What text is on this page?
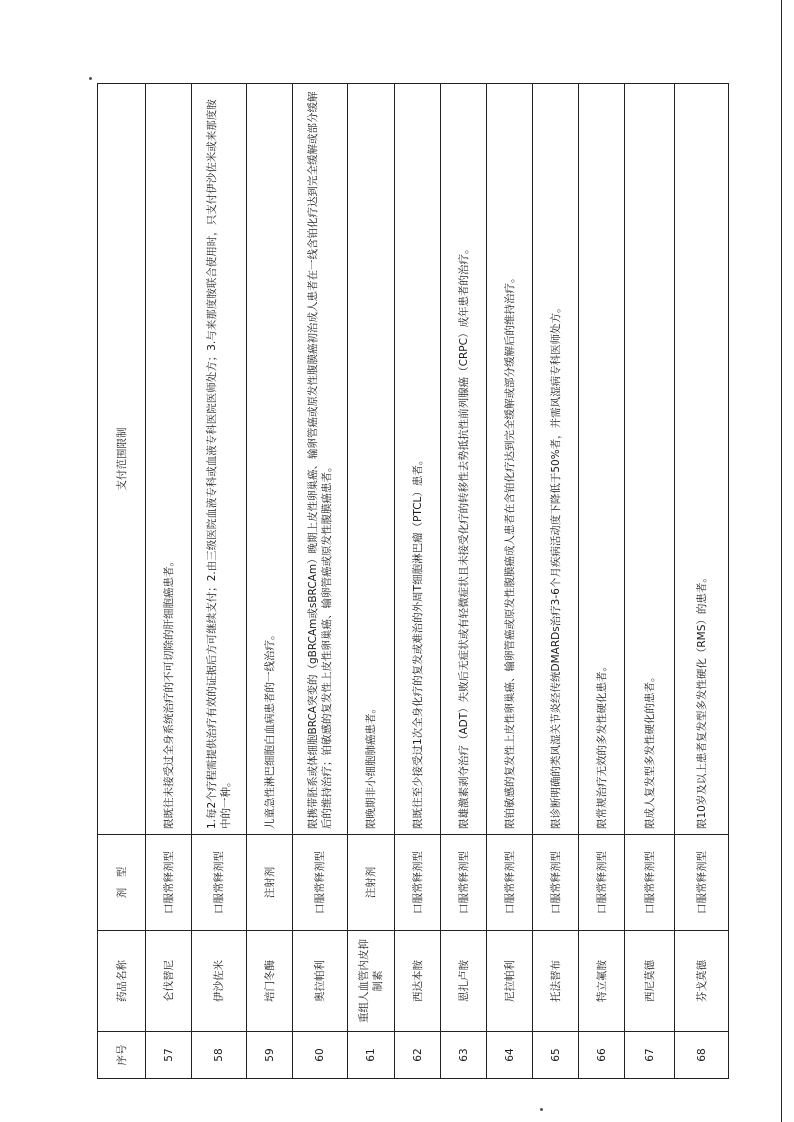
序号	药品名称	剂　型	支付范围限制
57	仑伐替尼	口服常释剂型	限既往未接受过全身系统治疗的不可切除的肝细胞癌患者。
58	伊沙佐米	口服常释剂型	1.每2个疗程需提供治疗有效的证据后方可继续支付；2.由三级医院血液专科或血液专科医院医师处方；3.与来那度胺联合使用时，只支付伊沙佐米或来那度胺中的一种。
59	培门冬酶	注射剂	儿童急性淋巴细胞白血病患者的一线治疗。
60	奥拉帕利	口服常释剂型	限携带胚系或体细胞BRCA突变的（gBRCAm或sBRCAm）晚期上皮性卵巢癌、输卵管癌或原发性腹膜癌初治成人患者在一线含铂化疗达到完全缓解或部分缓解后的维持治疗；铂敏感的复发性上皮性卵巢癌、输卵管癌或原发性腹膜癌患者。
61	重组人血管内皮抑制素	注射剂	限晚期非小细胞肺癌患者。
62	西达本胺	口服常释剂型	限既往至少接受过1次全身化疗的复发或难治的外周T细胞淋巴瘤（PTCL）患者。
63	恩扎卢胺	口服常释剂型	限雄激素剥夺治疗（ADT）失败后无症状或有轻微症状且未接受化疗的转移性去势抵抗性前列腺癌（CRPC）成年患者的治疗。
64	尼拉帕利	口服常释剂型	限铂敏感的复发性上皮性卵巢癌、输卵管癌或原发性腹膜癌成人患者在含铂化疗达到完全缓解或部分缓解后的维持治疗。
65	托法替布	口服常释剂型	限诊断明确的类风湿关节炎经传统DMARDs治疗3-6个月疾病活动度下降低于50%者，并需风湿病专科医师处方。
66	特立氟胺	口服常释剂型	限常规治疗无效的多发性硬化患者。
67	西尼莫德	口服常释剂型	限成人复发型多发性硬化的患者。
68	芬戈莫德	口服常释剂型	限10岁及以上患者复发型多发性硬化（RMS）的患者。
